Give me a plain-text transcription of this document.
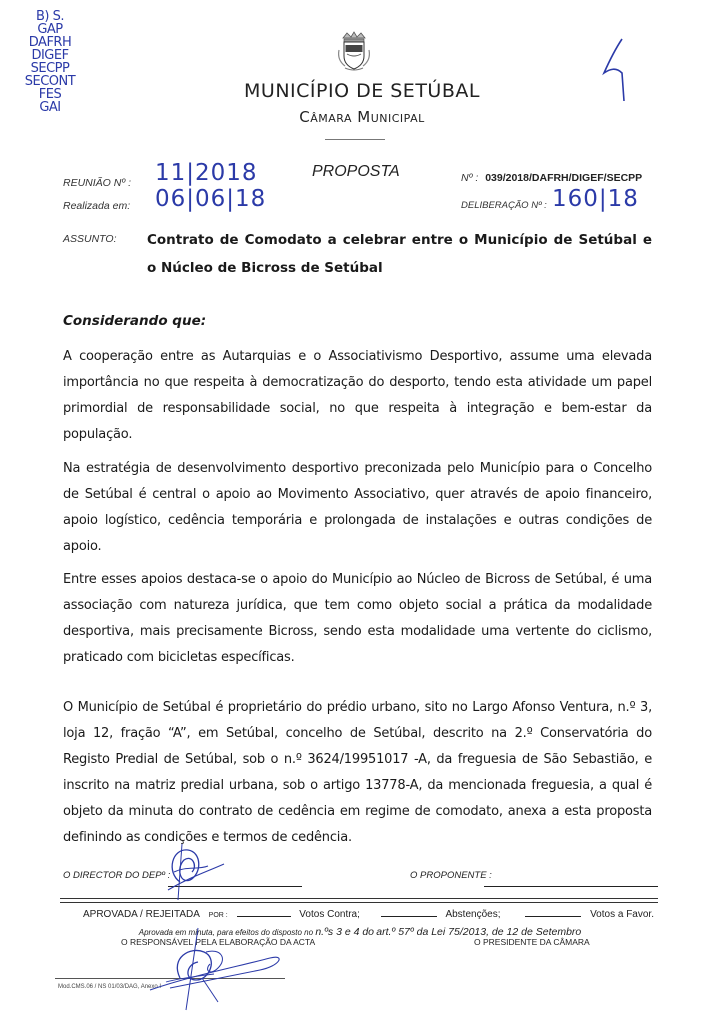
B) S.
GAP
DAFRH
DIGEF
SECPP
SECONT
FES
GAI
MUNICÍPIO DE SETÚBAL
Câmara Municipal
REUNIÃO Nº : 11|2018
Realizada em: 06|06|18
PROPOSTA	Nº : 039/2018/DAFRH/DIGEF/SECPP
DELIBERAÇÃO Nº : 160|18
ASSUNTO: Contrato de Comodato a celebrar entre o Município de Setúbal e o Núcleo de Bicross de Setúbal
Considerando que:
A cooperação entre as Autarquias e o Associativismo Desportivo, assume uma elevada importância no que respeita à democratização do desporto, tendo esta atividade um papel primordial de responsabilidade social, no que respeita à integração e bem-estar da população.
Na estratégia de desenvolvimento desportivo preconizada pelo Município para o Concelho de Setúbal é central o apoio ao Movimento Associativo, quer através de apoio financeiro, apoio logístico, cedência temporária e prolongada de instalações e outras condições de apoio.
Entre esses apoios destaca-se o apoio do Município ao Núcleo de Bicross de Setúbal, é uma associação com natureza jurídica, que tem como objeto social a prática da modalidade desportiva, mais precisamente Bicross, sendo esta modalidade uma vertente do ciclismo, praticado com bicicletas específicas.
O Município de Setúbal é proprietário do prédio urbano, sito no Largo Afonso Ventura, n.º 3, loja 12, fração “A”, em Setúbal, concelho de Setúbal, descrito na 2.º Conservatória do Registo Predial de Setúbal, sob o n.º 3624/19951017 -A, da freguesia de São Sebastião, e inscrito na matriz predial urbana, sob o artigo 13778-A, da mencionada freguesia, a qual é objeto da minuta do contrato de cedência em regime de comodato, anexa a esta proposta definindo as condições e termos de cedência.
O DIRECTOR DO DEPº :	O PROPONENTE :
APROVADA / REJEITADA POR :	Votos Contra;	Abstenções;	Votos a Favor.
Aprovada em minuta, para efeitos do disposto no n.ºs 3 e 4 do art.º 57º da Lei 75/2013, de 12 de Setembro
O RESPONSÁVEL PELA ELABORAÇÃO DA ACTA	O PRESIDENTE DA CÂMARA
Mod.CMS.06 / NS 01/03/DAG, Anexo I
